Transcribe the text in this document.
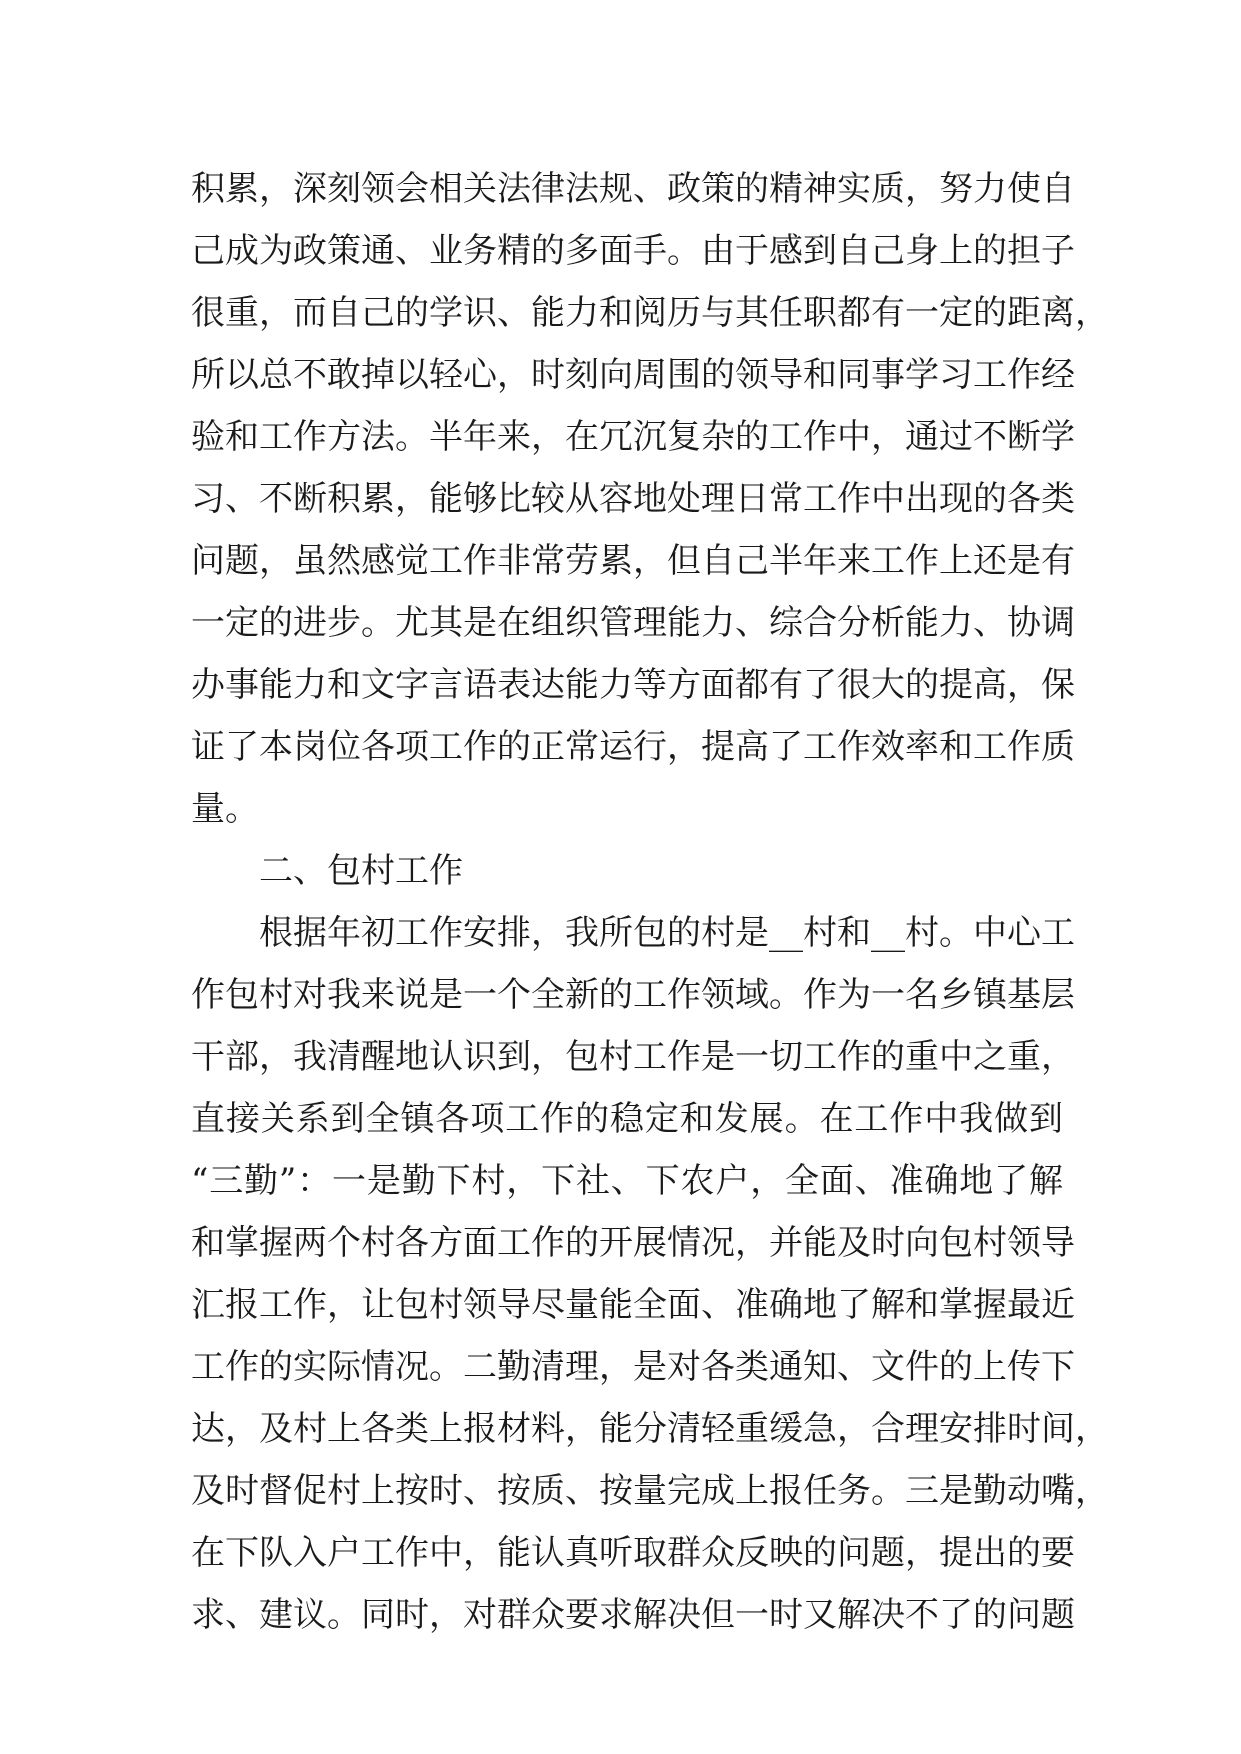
积累，深刻领会相关法律法规、政策的精神实质，努力使自
己成为政策通、业务精的多面手。由于感到自己身上的担子
很重，而自己的学识、能力和阅历与其任职都有一定的距离，
所以总不敢掉以轻心，时刻向周围的领导和同事学习工作经
验和工作方法。半年来，在冗沉复杂的工作中，通过不断学
习、不断积累，能够比较从容地处理日常工作中出现的各类
问题，虽然感觉工作非常劳累，但自己半年来工作上还是有
一定的进步。尤其是在组织管理能力、综合分析能力、协调
办事能力和文字言语表达能力等方面都有了很大的提高，保
证了本岗位各项工作的正常运行，提高了工作效率和工作质
量。
二、包村工作
根据年初工作安排，我所包的村是__村和__村。中心工
作包村对我来说是一个全新的工作领域。作为一名乡镇基层
干部，我清醒地认识到，包村工作是一切工作的重中之重，
直接关系到全镇各项工作的稳定和发展。在工作中我做到
“三勤”：一是勤下村，下社、下农户，全面、准确地了解
和掌握两个村各方面工作的开展情况，并能及时向包村领导
汇报工作，让包村领导尽量能全面、准确地了解和掌握最近
工作的实际情况。二勤清理，是对各类通知、文件的上传下
达，及村上各类上报材料，能分清轻重缓急，合理安排时间，
及时督促村上按时、按质、按量完成上报任务。三是勤动嘴，
在下队入户工作中，能认真听取群众反映的问题，提出的要
求、建议。同时，对群众要求解决但一时又解决不了的问题
